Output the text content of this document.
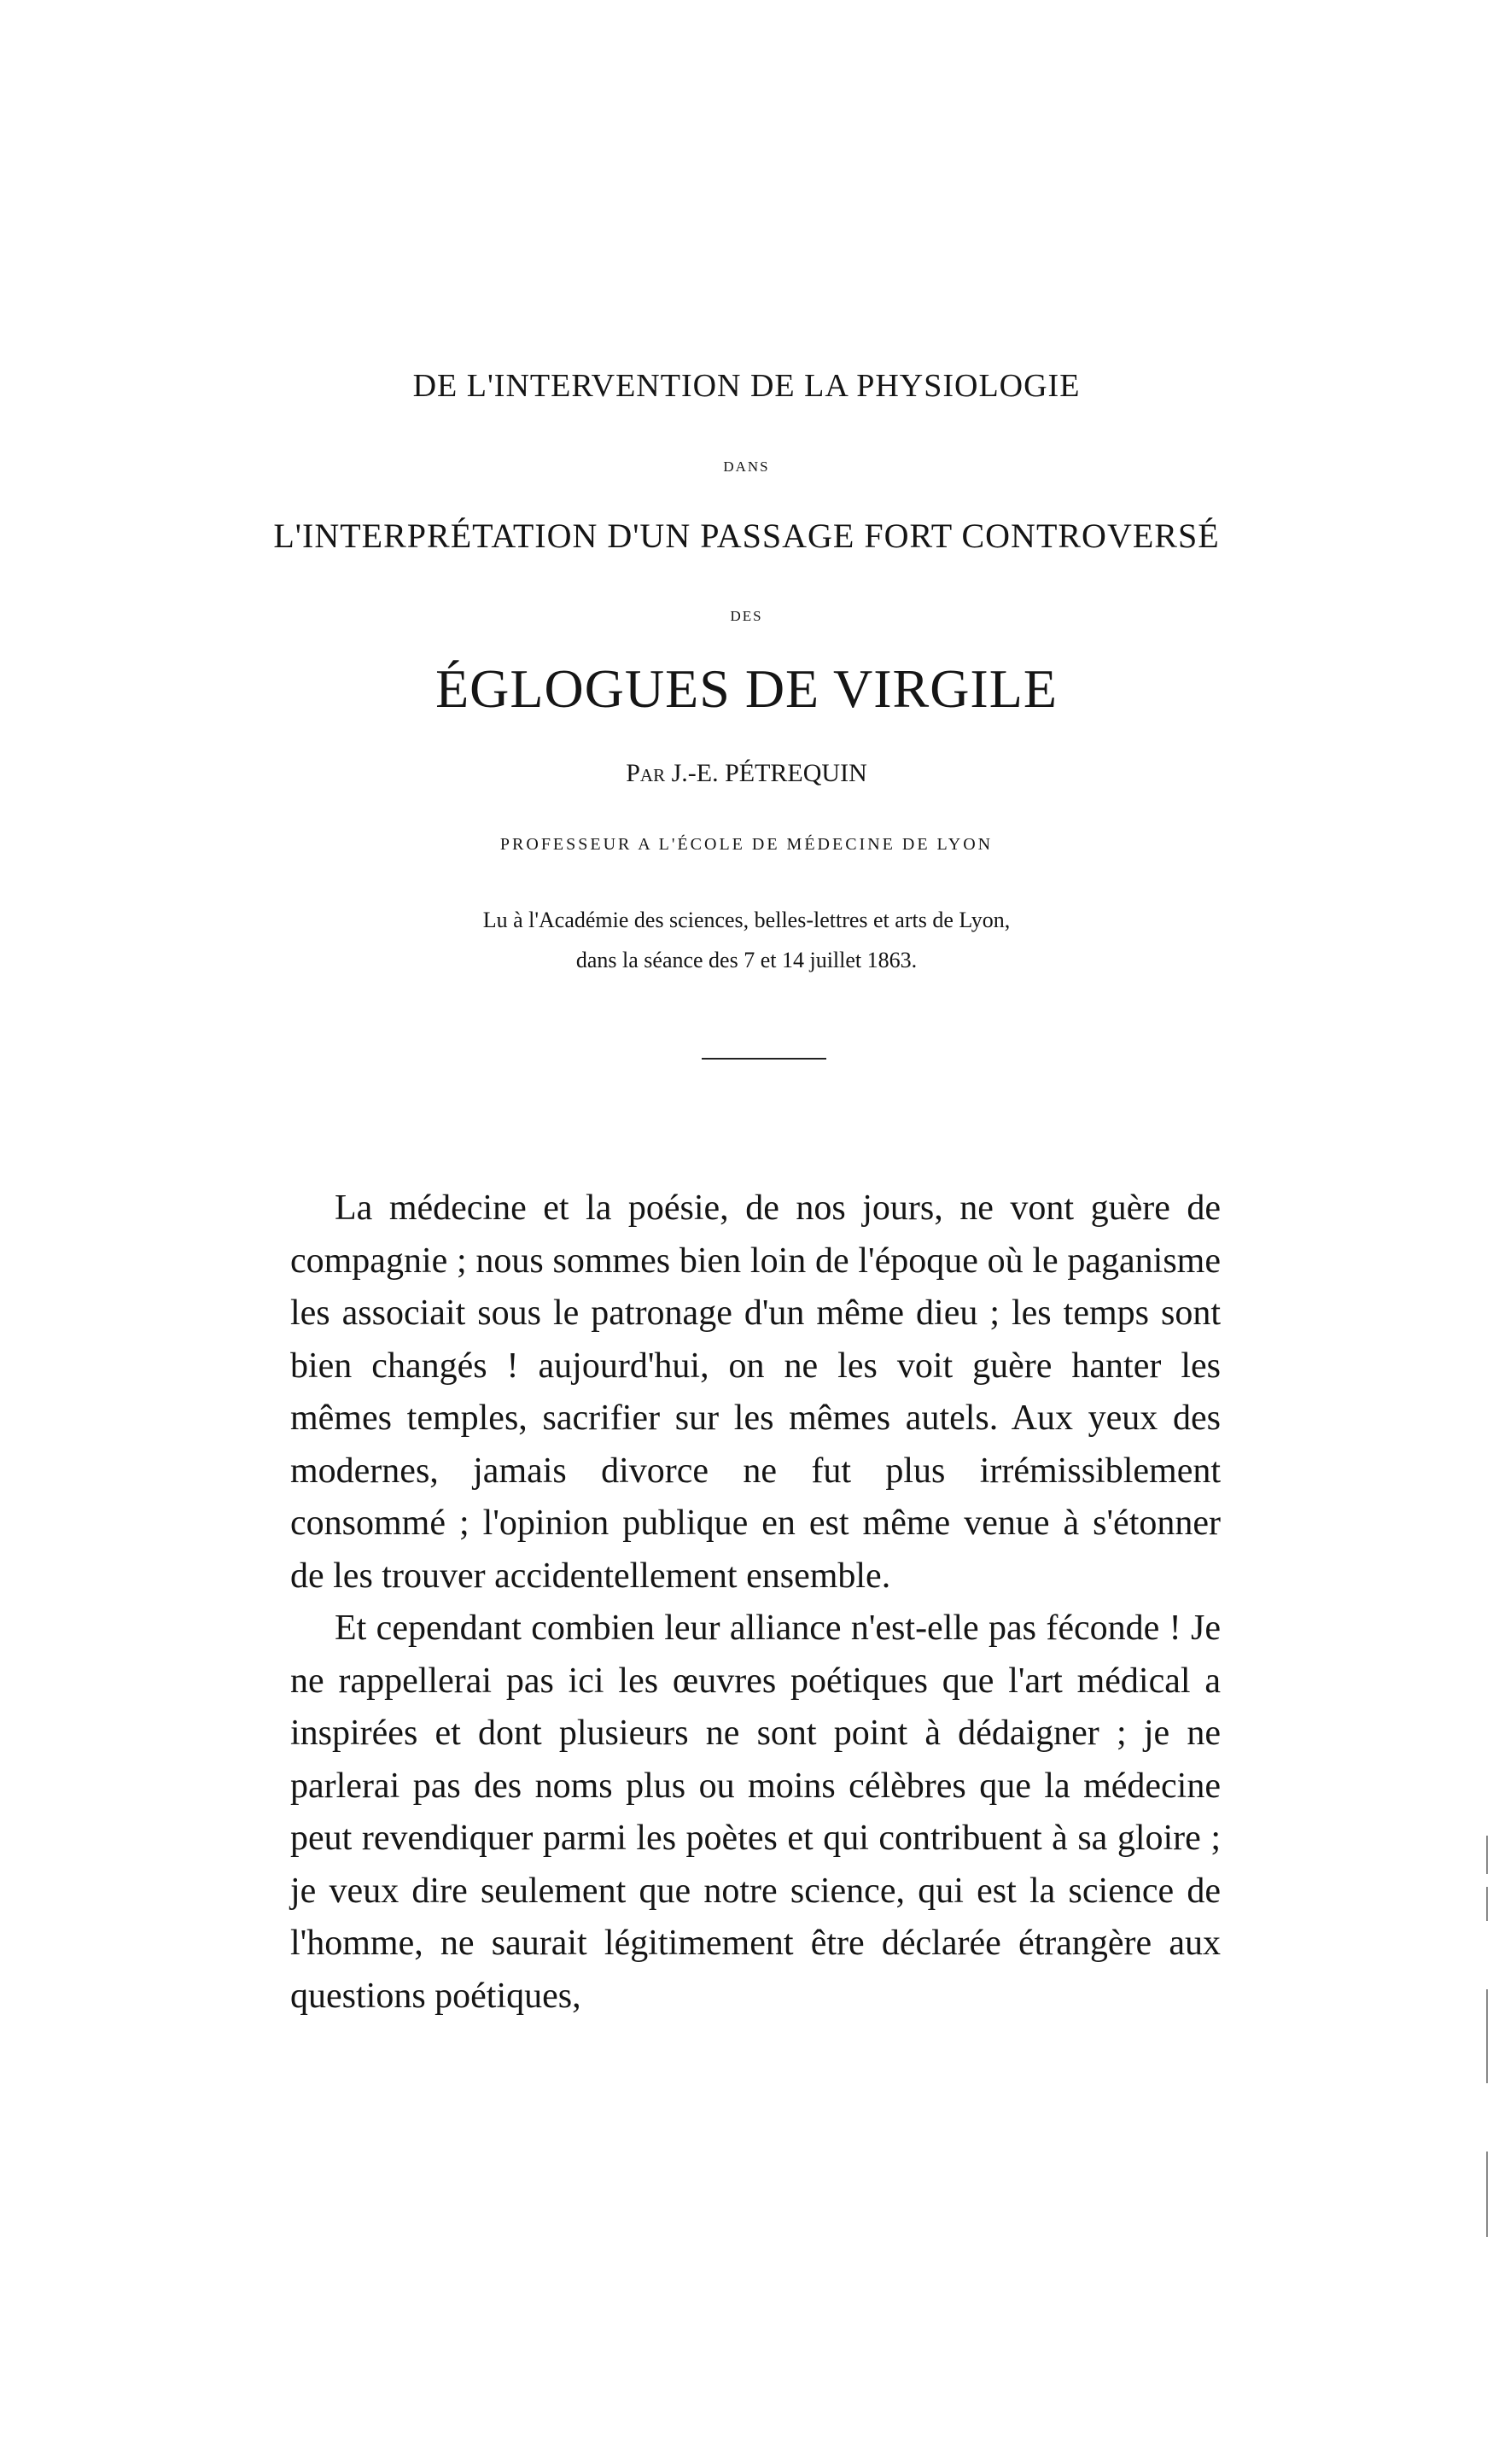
DE L'INTERVENTION DE LA PHYSIOLOGIE
DANS
L'INTERPRÉTATION D'UN PASSAGE FORT CONTROVERSÉ
DES
ÉGLOGUES DE VIRGILE
Par J.-E. PÉTREQUIN
PROFESSEUR A L'ÉCOLE DE MÉDECINE DE LYON
Lu à l'Académie des sciences, belles-lettres et arts de Lyon,
dans la séance des 7 et 14 juillet 1863.

La médecine et la poésie, de nos jours, ne vont guère de compagnie ; nous sommes bien loin de l'époque où le paganisme les associait sous le patronage d'un même dieu ; les temps sont bien changés ! aujourd'hui, on ne les voit guère hanter les mêmes temples, sacrifier sur les mêmes autels. Aux yeux des modernes, jamais divorce ne fut plus irrémissiblement consommé ; l'opinion publique en est même venue à s'étonner de les trouver accidentellement ensemble.

Et cependant combien leur alliance n'est-elle pas féconde ! Je ne rappellerai pas ici les œuvres poétiques que l'art médical a inspirées et dont plusieurs ne sont point à dédaigner ; je ne parlerai pas des noms plus ou moins célèbres que la médecine peut revendiquer parmi les poètes et qui contribuent à sa gloire ; je veux dire seulement que notre science, qui est la science de l'homme, ne saurait légitimement être déclarée étrangère aux questions poétiques,
